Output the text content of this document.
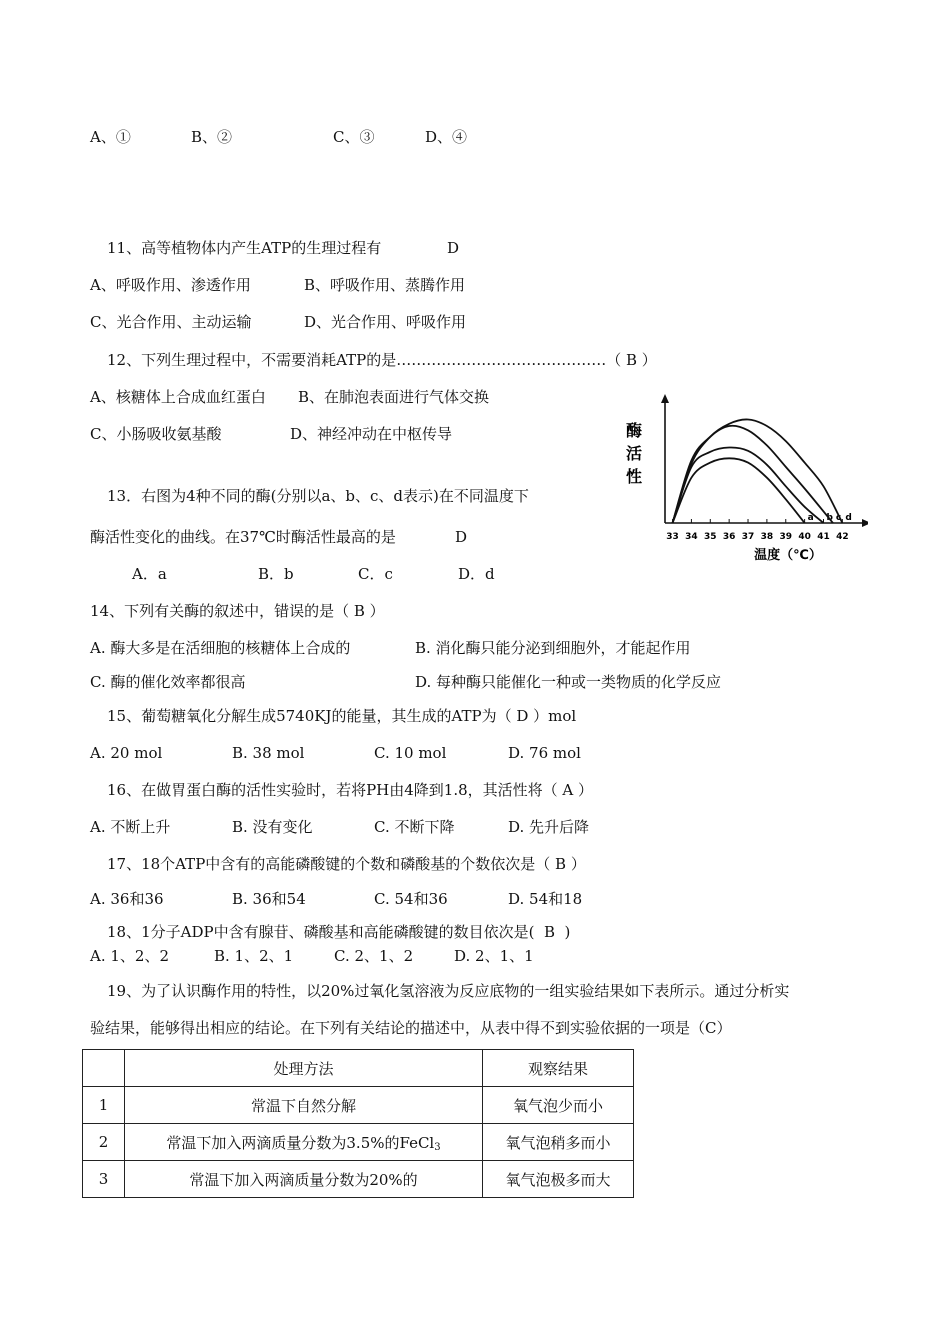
A、①	B、②	C、③	D、④
11、高等植物体内产生ATP的生理过程有	D
A、呼吸作用、渗透作用	B、呼吸作用、蒸腾作用
C、光合作用、主动运输	D、光合作用、呼吸作用
12、下列生理过程中，不需要消耗ATP的是……………………………………（ B ）
A、核糖体上合成血红蛋白 B、在肺泡表面进行气体交换
C、小肠吸收氨基酸	D、神经冲动在中枢传导
13．右图为4种不同的酶(分别以a、b、c、d表示)在不同温度下
酶活性变化的曲线。在37℃时酶活性最高的是	D
A．a	B．b	C．c	D．d
酶
活
性
33 34 35 36 37 38 39 40 41 42
温度（℃）
a b c d
14、下列有关酶的叙述中，错误的是（ B ）
A. 酶大多是在活细胞的核糖体上合成的	B. 消化酶只能分泌到细胞外，才能起作用
C. 酶的催化效率都很高	D. 每种酶只能催化一种或一类物质的化学反应
15、葡萄糖氧化分解生成5740KJ的能量，其生成的ATP为（ D ）mol
A. 20 mol	B. 38 mol	C. 10 mol	D. 76 mol
16、在做胃蛋白酶的活性实验时，若将PH由4降到1.8，其活性将（ A ）
A. 不断上升	B. 没有变化	C. 不断下降	D. 先升后降
17、18个ATP中含有的高能磷酸键的个数和磷酸基的个数依次是（ B ）
A. 36和36	B. 36和54	C. 54和36	D. 54和18
18、1分子ADP中含有腺苷、磷酸基和高能磷酸键的数目依次是(  B  )
A. 1、2、2	B. 1、2、1	C. 2、1、2	D. 2、1、1
19、为了认识酶作用的特性，以20%过氧化氢溶液为反应底物的一组实验结果如下表所示。通过分析实
验结果，能够得出相应的结论。在下列有关结论的描述中，从表中得不到实验依据的一项是（C）
	处理方法	观察结果
1	常温下自然分解	氧气泡少而小
2	常温下加入两滴质量分数为3.5%的FeCl$_3$	氧气泡稍多而小
3	常温下加入两滴质量分数为20%的	氧气泡极多而大
